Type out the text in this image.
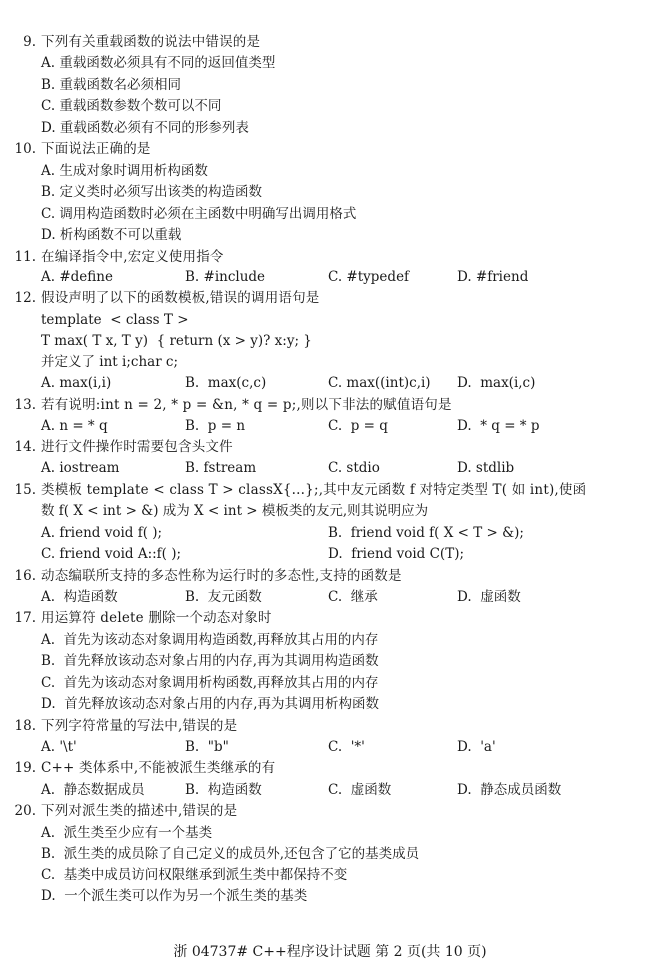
9. 下列有关重载函数的说法中错误的是
A. 重载函数必须具有不同的返回值类型
B. 重载函数名必须相同
C. 重载函数参数个数可以不同
D. 重载函数必须有不同的形参列表
10. 下面说法正确的是
A. 生成对象时调用析构函数
B. 定义类时必须写出该类的构造函数
C. 调用构造函数时必须在主函数中明确写出调用格式
D. 析构函数不可以重载
11. 在编译指令中,宏定义使用指令
A. #define	B. #include	C. #typedef	D. #friend
12. 假设声明了以下的函数模板,错误的调用语句是
template  < class T >
T max( T x, T y)  { return (x > y)? x:y; }
并定义了 int i;char c;
A. max(i,i)	B.  max(c,c)	C. max((int)c,i) D.  max(i,c)
13. 若有说明:int n = 2, * p = &n, * q = p;,则以下非法的赋值语句是
A. n = * q	B.  p = n	C.  p = q	D.  * q = * p
14. 进行文件操作时需要包含头文件
A. iostream	B. fstream	C. stdio	D. stdlib
15. 类模板 template < class T > classX{...};,其中友元函数 f 对特定类型 T( 如 int),使函
数 f( X < int > &) 成为 X < int > 模板类的友元,则其说明应为
A. friend void f( );	B.  friend void f( X < T > &);
C. friend void A::f( );	D.  friend void C(T);
16. 动态编联所支持的多态性称为运行时的多态性,支持的函数是
A.  构造函数	B.  友元函数	C.  继承	D.  虚函数
17. 用运算符 delete 删除一个动态对象时
A.  首先为该动态对象调用构造函数,再释放其占用的内存
B.  首先释放该动态对象占用的内存,再为其调用构造函数
C.  首先为该动态对象调用析构函数,再释放其占用的内存
D.  首先释放该动态对象占用的内存,再为其调用析构函数
18. 下列字符常量的写法中,错误的是
A. '\t'	B.  "b"	C.  '*'	D.  'a'
19. C++ 类体系中,不能被派生类继承的有
A.  静态数据成员	B.  构造函数	C.  虚函数	D.  静态成员函数
20. 下列对派生类的描述中,错误的是
A.  派生类至少应有一个基类
B.  派生类的成员除了自己定义的成员外,还包含了它的基类成员
C.  基类中成员访问权限继承到派生类中都保持不变
D.  一个派生类可以作为另一个派生类的基类
浙 04737# C++程序设计试题 第 2 页(共 10 页)
